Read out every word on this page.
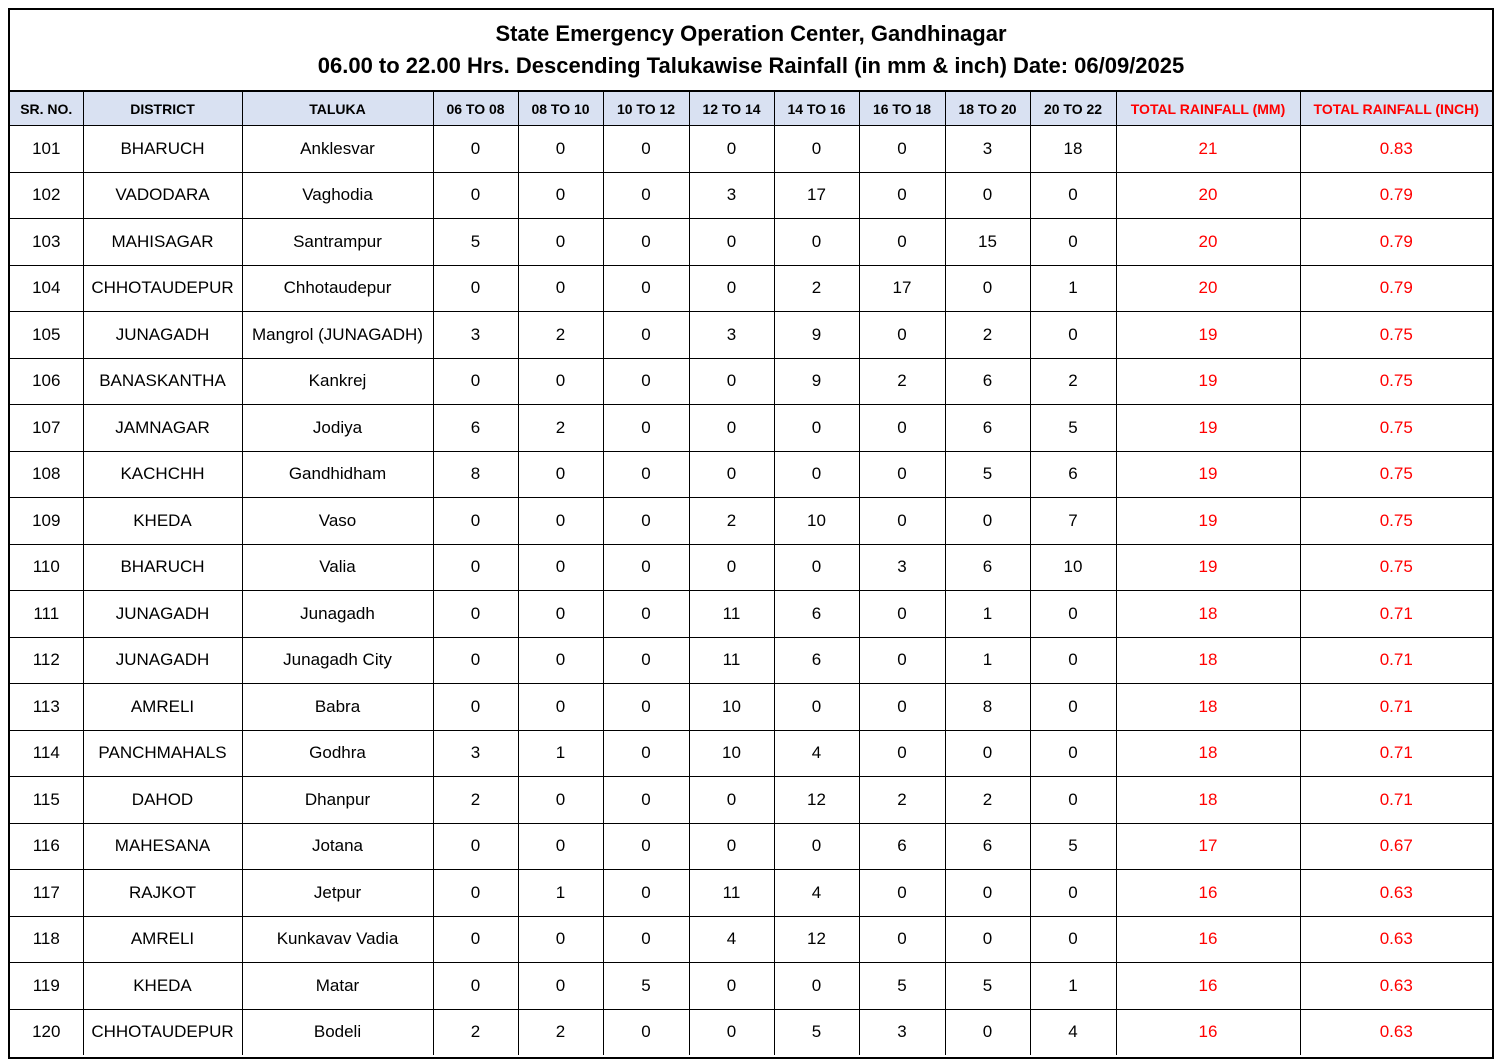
State Emergency Operation Center, Gandhinagar
06.00 to 22.00 Hrs. Descending Talukawise Rainfall (in mm & inch) Date: 06/09/2025
SR. NO.	DISTRICT	TALUKA	06 TO 08	08 TO 10	10 TO 12	12 TO 14	14 TO 16	16 TO 18	18 TO 20	20 TO 22	TOTAL RAINFALL (MM)	TOTAL RAINFALL (INCH)
101	BHARUCH	Anklesvar	0	0	0	0	0	0	3	18	21	0.83
102	VADODARA	Vaghodia	0	0	0	3	17	0	0	0	20	0.79
103	MAHISAGAR	Santrampur	5	0	0	0	0	0	15	0	20	0.79
104	CHHOTAUDEPUR	Chhotaudepur	0	0	0	0	2	17	0	1	20	0.79
105	JUNAGADH	Mangrol (JUNAGADH)	3	2	0	3	9	0	2	0	19	0.75
106	BANASKANTHA	Kankrej	0	0	0	0	9	2	6	2	19	0.75
107	JAMNAGAR	Jodiya	6	2	0	0	0	0	6	5	19	0.75
108	KACHCHH	Gandhidham	8	0	0	0	0	0	5	6	19	0.75
109	KHEDA	Vaso	0	0	0	2	10	0	0	7	19	0.75
110	BHARUCH	Valia	0	0	0	0	0	3	6	10	19	0.75
111	JUNAGADH	Junagadh	0	0	0	11	6	0	1	0	18	0.71
112	JUNAGADH	Junagadh City	0	0	0	11	6	0	1	0	18	0.71
113	AMRELI	Babra	0	0	0	10	0	0	8	0	18	0.71
114	PANCHMAHALS	Godhra	3	1	0	10	4	0	0	0	18	0.71
115	DAHOD	Dhanpur	2	0	0	0	12	2	2	0	18	0.71
116	MAHESANA	Jotana	0	0	0	0	0	6	6	5	17	0.67
117	RAJKOT	Jetpur	0	1	0	11	4	0	0	0	16	0.63
118	AMRELI	Kunkavav Vadia	0	0	0	4	12	0	0	0	16	0.63
119	KHEDA	Matar	0	0	5	0	0	5	5	1	16	0.63
120	CHHOTAUDEPUR	Bodeli	2	2	0	0	5	3	0	4	16	0.63
